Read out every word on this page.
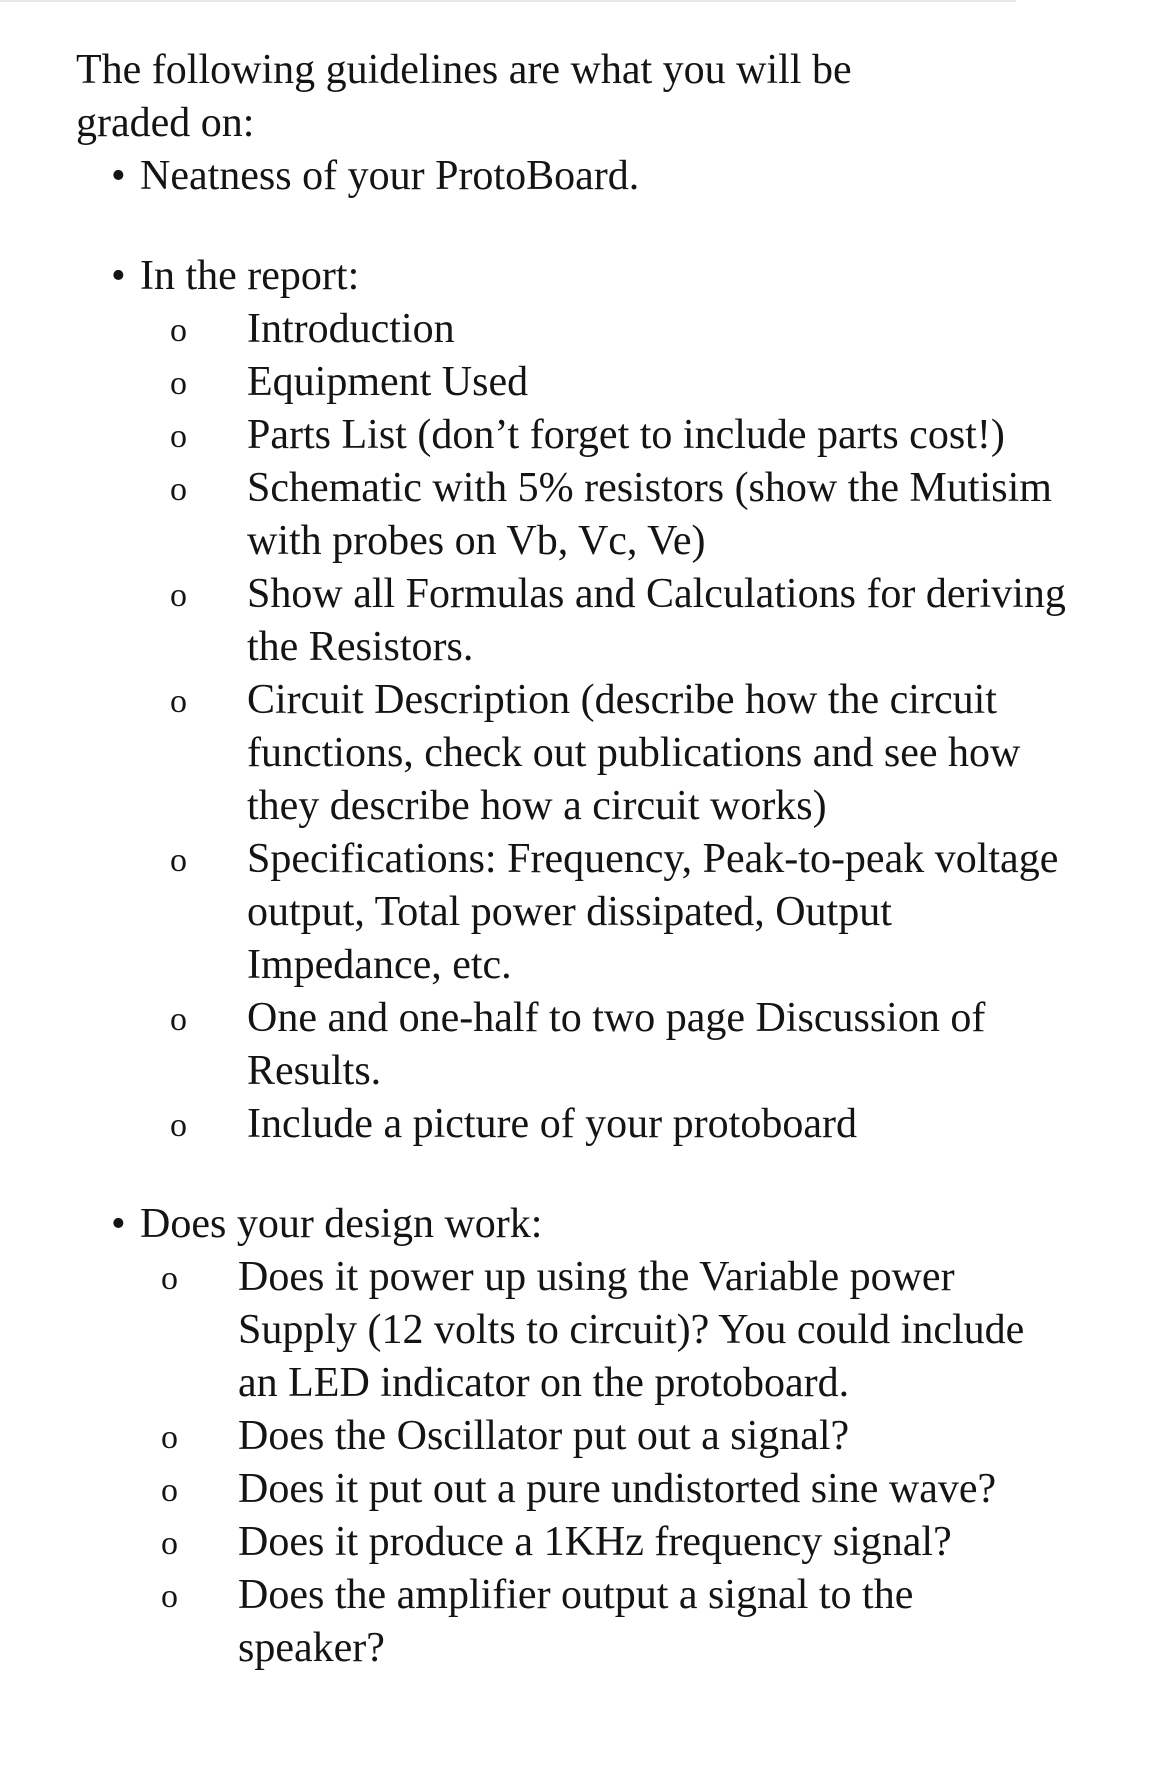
The following guidelines are what you will be graded on:

• Neatness of your ProtoBoard.
• In the report:
o	Introduction
o	Equipment Used
o	Parts List (don’t forget to include parts cost!)
o	Schematic with 5% resistors (show the Mutisim with probes on Vb, Vc, Ve)
o	Show all Formulas and Calculations for deriving the Resistors.
o	Circuit Description (describe how the circuit functions, check out publications and see how they describe how a circuit works)
o	Specifications: Frequency, Peak-to-peak voltage output, Total power dissipated, Output Impedance, etc.
o	One and one-half to two page Discussion of Results.
o	Include a picture of your protoboard
• Does your design work:
o	Does it power up using the Variable power Supply (12 volts to circuit)? You could include an LED indicator on the protoboard.
o	Does the Oscillator put out a signal?
o	Does it put out a pure undistorted sine wave?
o	Does it produce a 1KHz frequency signal?
o	Does the amplifier output a signal to the speaker?
